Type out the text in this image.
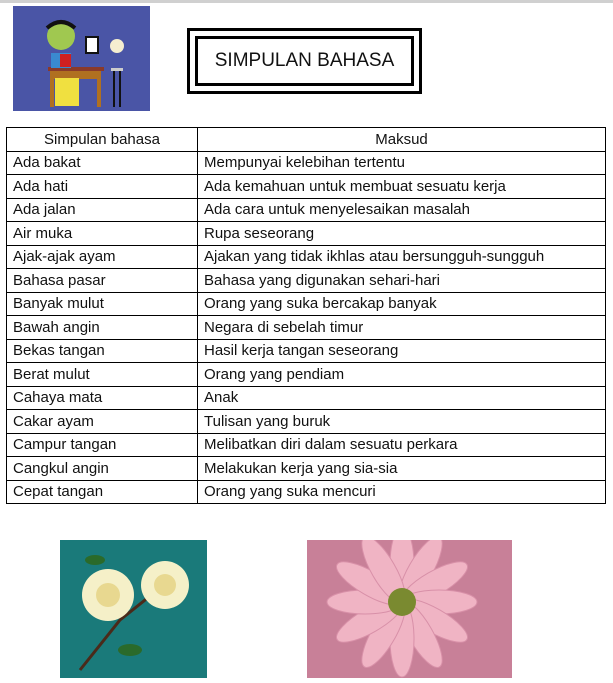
SIMPULAN BAHASA
Simpulan bahasa	Maksud
Ada bakat	Mempunyai kelebihan tertentu
Ada hati	Ada kemahuan untuk membuat sesuatu kerja
Ada jalan	Ada cara untuk menyelesaikan masalah
Air muka	Rupa seseorang
Ajak-ajak ayam	Ajakan yang tidak ikhlas atau bersungguh-sungguh
Bahasa pasar	Bahasa yang digunakan sehari-hari
Banyak mulut	Orang yang suka bercakap banyak
Bawah angin	Negara di sebelah timur
Bekas tangan	Hasil kerja tangan seseorang
Berat mulut	Orang yang pendiam
Cahaya mata	Anak
Cakar ayam	Tulisan yang buruk
Campur tangan	Melibatkan diri dalam sesuatu perkara
Cangkul angin	Melakukan kerja yang sia-sia
Cepat tangan	Orang yang suka mencuri
